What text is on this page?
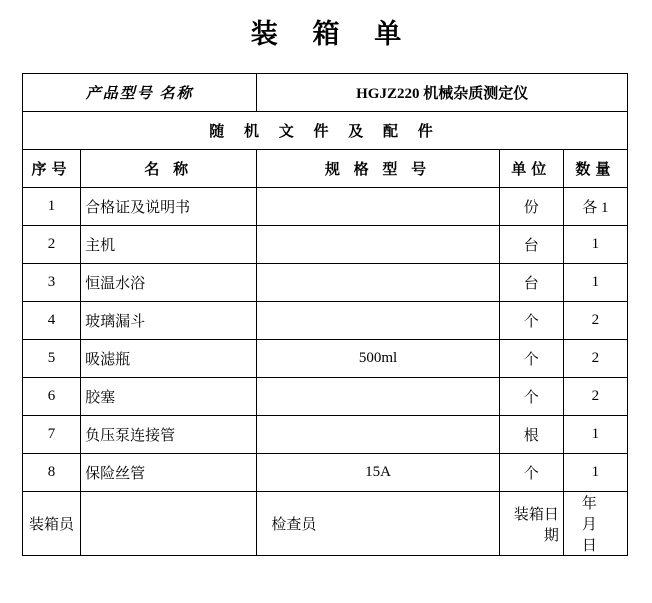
装 箱 单
产品型号 名称		HGJZ220 机械杂质测定仪		
随 机 文 件 及 配 件				
序号	名 称	规 格 型 号	单位	数量
1	合格证及说明书		份	各 1
2	主机		台	1
3	恒温水浴		台	1
4	玻璃漏斗		个	2
5	吸滤瓶	500ml	个	2
6	胶塞		个	2
7	负压泵连接管		根	1
8	保险丝管	15A	个	1
装箱员		检查员	装箱日期	年 月 日
